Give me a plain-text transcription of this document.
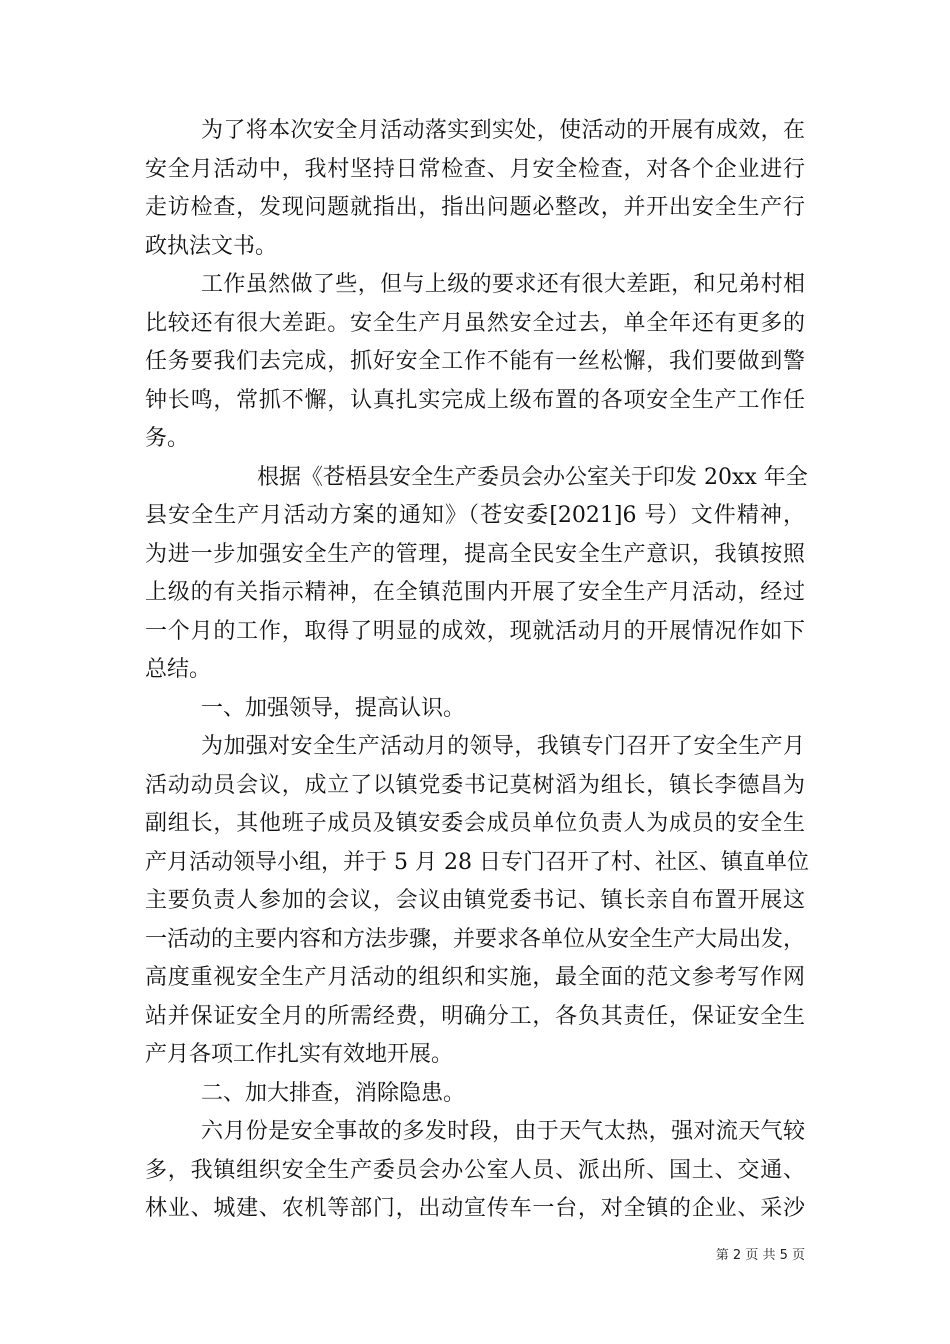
为了将本次安全月活动落实到实处，使活动的开展有成效，在
安全月活动中，我村坚持日常检查、月安全检查，对各个企业进行
走访检查，发现问题就指出，指出问题必整改，并开出安全生产行
政执法文书。
工作虽然做了些，但与上级的要求还有很大差距，和兄弟村相
比较还有很大差距。安全生产月虽然安全过去，单全年还有更多的
任务要我们去完成，抓好安全工作不能有一丝松懈，我们要做到警
钟长鸣，常抓不懈，认真扎实完成上级布置的各项安全生产工作任
务。
根据《苍梧县安全生产委员会办公室关于印发 20xx 年全
县安全生产月活动方案的通知》（苍安委[2021]6 号）文件精神，
为进一步加强安全生产的管理，提高全民安全生产意识，我镇按照
上级的有关指示精神，在全镇范围内开展了安全生产月活动，经过
一个月的工作，取得了明显的成效，现就活动月的开展情况作如下
总结。
一、加强领导，提高认识。
为加强对安全生产活动月的领导，我镇专门召开了安全生产月
活动动员会议，成立了以镇党委书记莫树滔为组长，镇长李德昌为
副组长，其他班子成员及镇安委会成员单位负责人为成员的安全生
产月活动领导小组，并于 5 月 28 日专门召开了村、社区、镇直单位
主要负责人参加的会议，会议由镇党委书记、镇长亲自布置开展这
一活动的主要内容和方法步骤，并要求各单位从安全生产大局出发，
高度重视安全生产月活动的组织和实施，最全面的范文参考写作网
站并保证安全月的所需经费，明确分工，各负其责任，保证安全生
产月各项工作扎实有效地开展。
二、加大排查，消除隐患。
六月份是安全事故的多发时段，由于天气太热，强对流天气较
多，我镇组织安全生产委员会办公室人员、派出所、国土、交通、
林业、城建、农机等部门，出动宣传车一台，对全镇的企业、采沙
第 2 页 共 5 页
